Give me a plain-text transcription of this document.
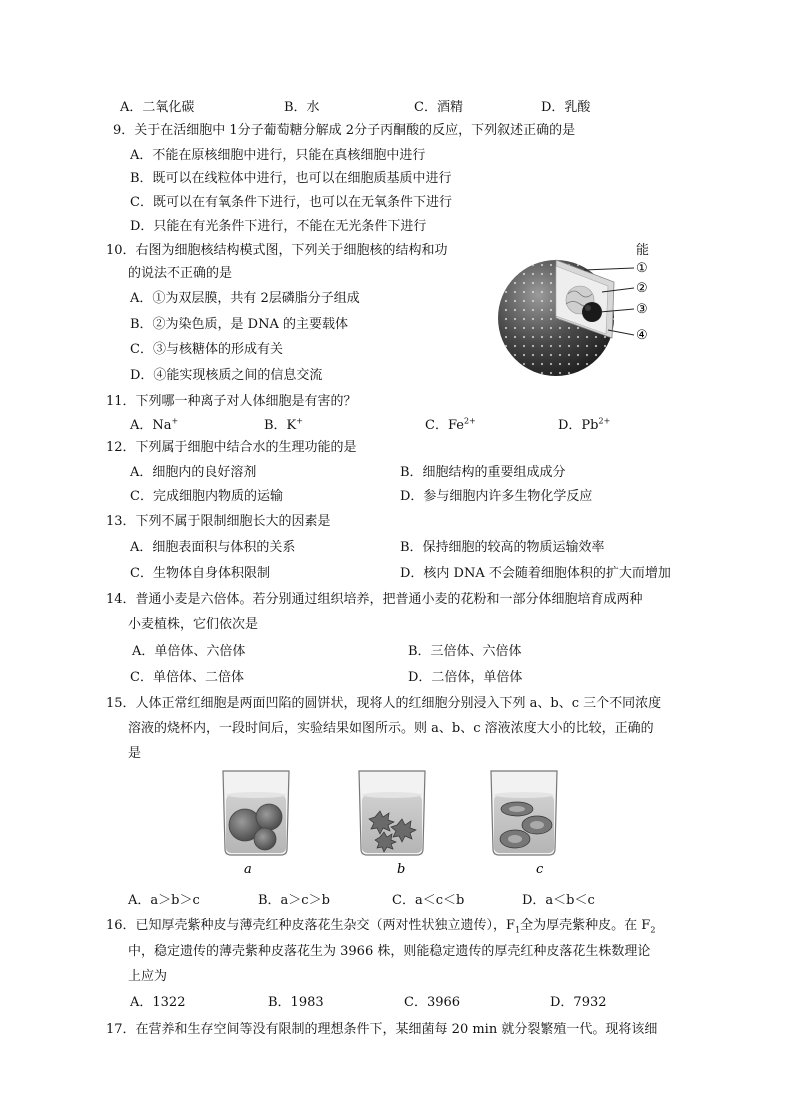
A．二氧化碳	B．水	C．酒精	D．乳酸
9．关于在活细胞中 1分子葡萄糖分解成 2分子丙酮酸的反应，下列叙述正确的是
A．不能在原核细胞中进行，只能在真核细胞中进行
B．既可以在线粒体中进行，也可以在细胞质基质中进行
C．既可以在有氧条件下进行，也可以在无氧条件下进行
D．只能在有光条件下进行，不能在无光条件下进行
10．右图为细胞核结构模式图，下列关于细胞核的结构和功	能
的说法不正确的是
A．①为双层膜，共有 2层磷脂分子组成
B．②为染色质，是 DNA 的主要载体
C．③与核糖体的形成有关
D．④能实现核质之间的信息交流
①
②
③
④
11．下列哪一种离子对人体细胞是有害的？
A．Na+	B．K+	C．$Fe^{2+}$	D．$Pb^{2+}$
12．下列属于细胞中结合水的生理功能的是
A．细胞内的良好溶剂	B．细胞结构的重要组成成分
C．完成细胞内物质的运输	D．参与细胞内许多生物化学反应
13．下列不属于限制细胞长大的因素是
A．细胞表面积与体积的关系	B．保持细胞的较高的物质运输效率
C．生物体自身体积限制	D．核内 DNA 不会随着细胞体积的扩大而增加
14．普通小麦是六倍体。若分别通过组织培养，把普通小麦的花粉和一部分体细胞培育成两种
小麦植株，它们依次是
A．单倍体、六倍体	B．三倍体、六倍体
C．单倍体、二倍体	D．二倍体，单倍体
15．人体正常红细胞是两面凹陷的圆饼状，现将人的红细胞分别浸入下列 a、b、c 三个不同浓度
溶液的烧杯内，一段时间后，实验结果如图所示。则 a、b、c 溶液浓度大小的比较，正确的
是
a	b	c
A．a＞b＞c	B．a＞c＞b	C．a＜c＜b	D．a＜b＜c
16．已知厚壳紫种皮与薄壳红种皮落花生杂交（两对性状独立遗传），$F_1$全为厚壳紫种皮。在 $F_2$
中，稳定遗传的薄壳紫种皮落花生为 3966 株，则能稳定遗传的厚壳红种皮落花生株数理论
上应为
A．1322	B．1983	C．3966	D．7932
17．在营养和生存空间等没有限制的理想条件下，某细菌每 20 min 就分裂繁殖一代。现将该细
